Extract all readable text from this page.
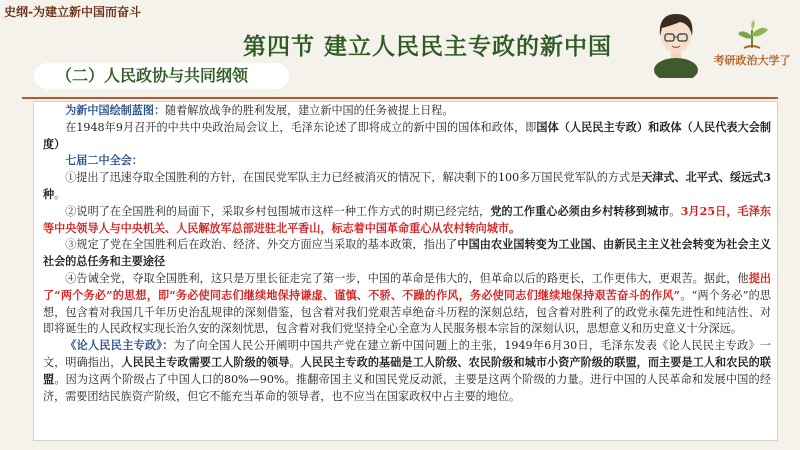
史纲-为建立新中国而奋斗
第四节 建立人民民主专政的新中国
（二）人民政协与共同纲领
考研政治大学了

为新中国绘制蓝图：随着解放战争的胜利发展，建立新中国的任务被提上日程。

在1948年9月召开的中共中央政治局会议上，毛泽东论述了即将成立的新中国的国体和政体，即国体（人民民主专政）和政体（人民代表大会制度）

七届二中全会：

①提出了迅速夺取全国胜利的方针，在国民党军队主力已经被消灭的情况下，解决剩下的100多万国民党军队的方式是天津式、北平式、绥远式3种。

②说明了在全国胜利的局面下，采取乡村包围城市这样一种工作方式的时期已经完结，党的工作重心必须由乡村转移到城市。3月25日，毛泽东等中央领导人与中央机关、人民解放军总部进驻北平香山，标志着中国革命重心从农村转向城市。

③规定了党在全国胜利后在政治、经济、外交方面应当采取的基本政策，指出了中国由农业国转变为工业国、由新民主主义社会转变为社会主义社会的总任务和主要途径

④告诫全党，夺取全国胜利，这只是万里长征走完了第一步，中国的革命是伟大的，但革命以后的路更长，工作更伟大，更艰苦。据此，他提出了“两个务必”的思想，即“务必使同志们继续地保持谦虚、谨慎、不骄、不躁的作风，务必使同志们继续地保持艰苦奋斗的作风”。“两个务必”的思想，包含着对我国几千年历史治乱规律的深刻借鉴，包含着对我们党艰苦卓绝奋斗历程的深刻总结，包含着对胜利了的政党永葆先进性和纯洁性、对即将诞生的人民政权实现长治久安的深刻忧思，包含着对我们党坚持全心全意为人民服务根本宗旨的深刻认识，思想意义和历史意义十分深远。

《论人民民主专政》：为了向全国人民公开阐明中国共产党在建立新中国问题上的主张，1949年6月30日，毛泽东发表《论人民民主专政》一文，明确指出，人民民主专政需要工人阶级的领导。人民民主专政的基础是工人阶级、农民阶级和城市小资产阶级的联盟，而主要是工人和农民的联盟。因为这两个阶级占了中国人口的80%—90%。推翻帝国主义和国民党反动派，主要是这两个阶级的力量。进行中国的人民革命和发展中国的经济，需要团结民族资产阶级，但它不能充当革命的领导者，也不应当在国家政权中占主要的地位。
